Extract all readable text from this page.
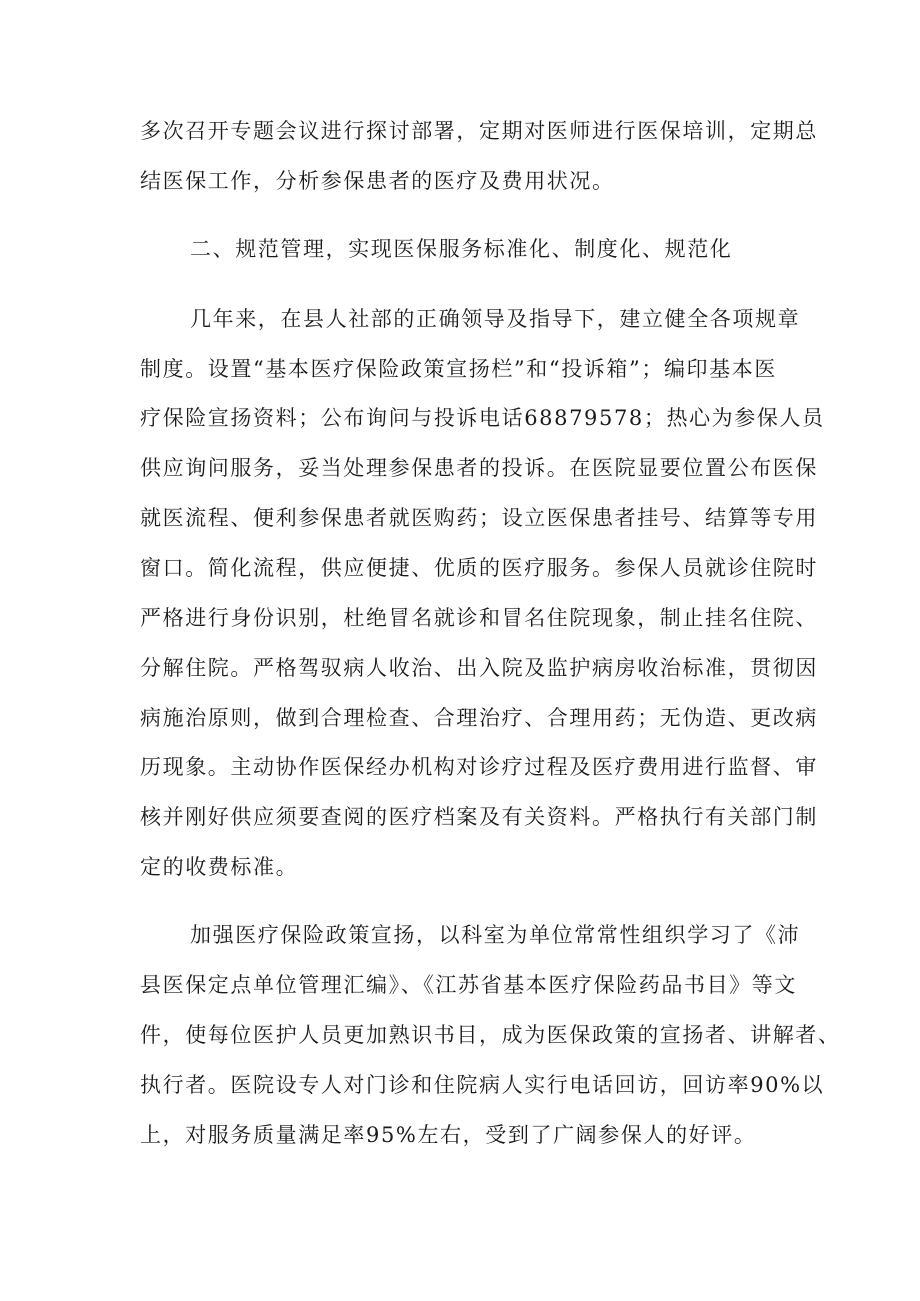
多次召开专题会议进行探讨部署，定期对医师进行医保培训，定期总
结医保工作，分析参保患者的医疗及费用状况。
二、规范管理，实现医保服务标准化、制度化、规范化
几年来，在县人社部的正确领导及指导下，建立健全各项规章
制度。设置“基本医疗保险政策宣扬栏”和“投诉箱”；编印基本医
疗保险宣扬资料；公布询问与投诉电话68879578；热心为参保人员
供应询问服务，妥当处理参保患者的投诉。在医院显要位置公布医保
就医流程、便利参保患者就医购药；设立医保患者挂号、结算等专用
窗口。简化流程，供应便捷、优质的医疗服务。参保人员就诊住院时
严格进行身份识别，杜绝冒名就诊和冒名住院现象，制止挂名住院、
分解住院。严格驾驭病人收治、出入院及监护病房收治标准，贯彻因
病施治原则，做到合理检查、合理治疗、合理用药；无伪造、更改病
历现象。主动协作医保经办机构对诊疗过程及医疗费用进行监督、审
核并刚好供应须要查阅的医疗档案及有关资料。严格执行有关部门制
定的收费标准。
加强医疗保险政策宣扬，以科室为单位常常性组织学习了《沛
县医保定点单位管理汇编》、《江苏省基本医疗保险药品书目》等文
件，使每位医护人员更加熟识书目，成为医保政策的宣扬者、讲解者、
执行者。医院设专人对门诊和住院病人实行电话回访，回访率90%以
上，对服务质量满足率95%左右，受到了广阔参保人的好评。
